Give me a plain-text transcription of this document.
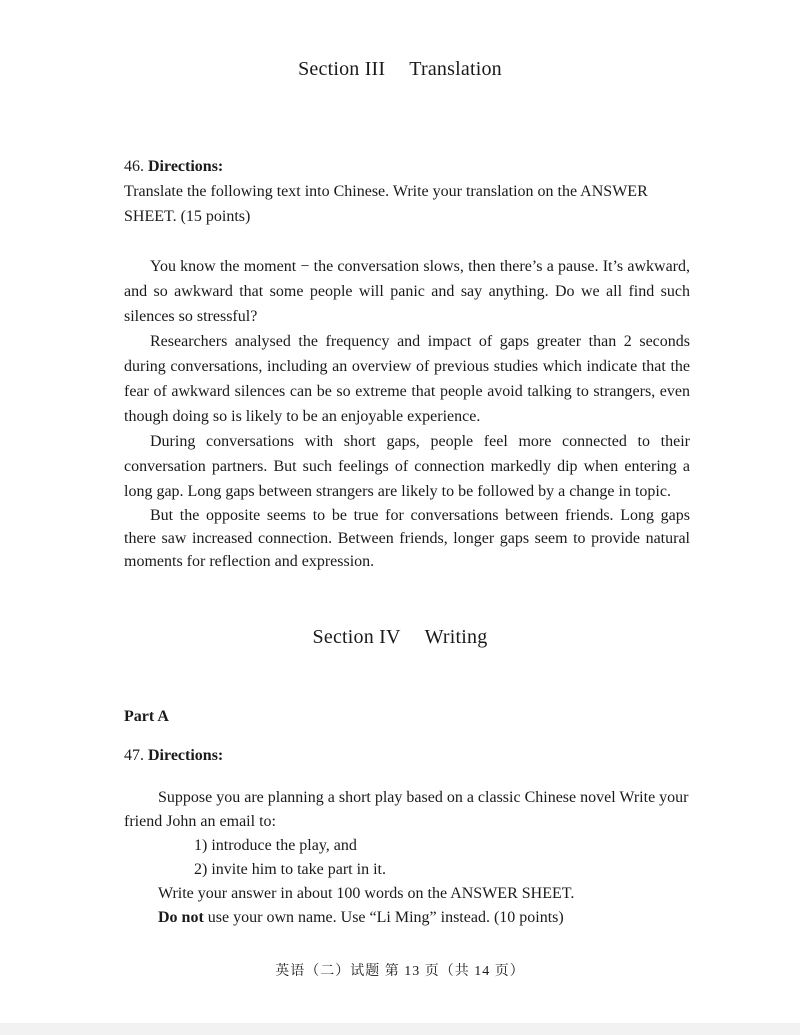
Section III Translation

46. Directions:

Translate the following text into Chinese. Write your translation on the ANSWER SHEET. (15 points)

You know the moment − the conversation slows, then there’s a pause. It’s awkward, and so awkward that some people will panic and say anything. Do we all find such silences so stressful?

Researchers analysed the frequency and impact of gaps greater than 2 seconds during conversations, including an overview of previous studies which indicate that the fear of awkward silences can be so extreme that people avoid talking to strangers, even though doing so is likely to be an enjoyable experience.

During conversations with short gaps, people feel more connected to their conversation partners. But such feelings of connection markedly dip when entering a long gap. Long gaps between strangers are likely to be followed by a change in topic.

But the opposite seems to be true for conversations between friends. Long gaps there saw increased connection. Between friends, longer gaps seem to provide natural moments for reflection and expression.

Section IV Writing
Part A
47. Directions:

Suppose you are planning a short play based on a classic Chinese novel Write your friend John an email to:

1) introduce the play, and

2) invite him to take part in it.

Write your answer in about 100 words on the ANSWER SHEET.

Do not use your own name. Use “Li Ming” instead. (10 points)

英语（二）试题 第 13 页（共 14 页）
